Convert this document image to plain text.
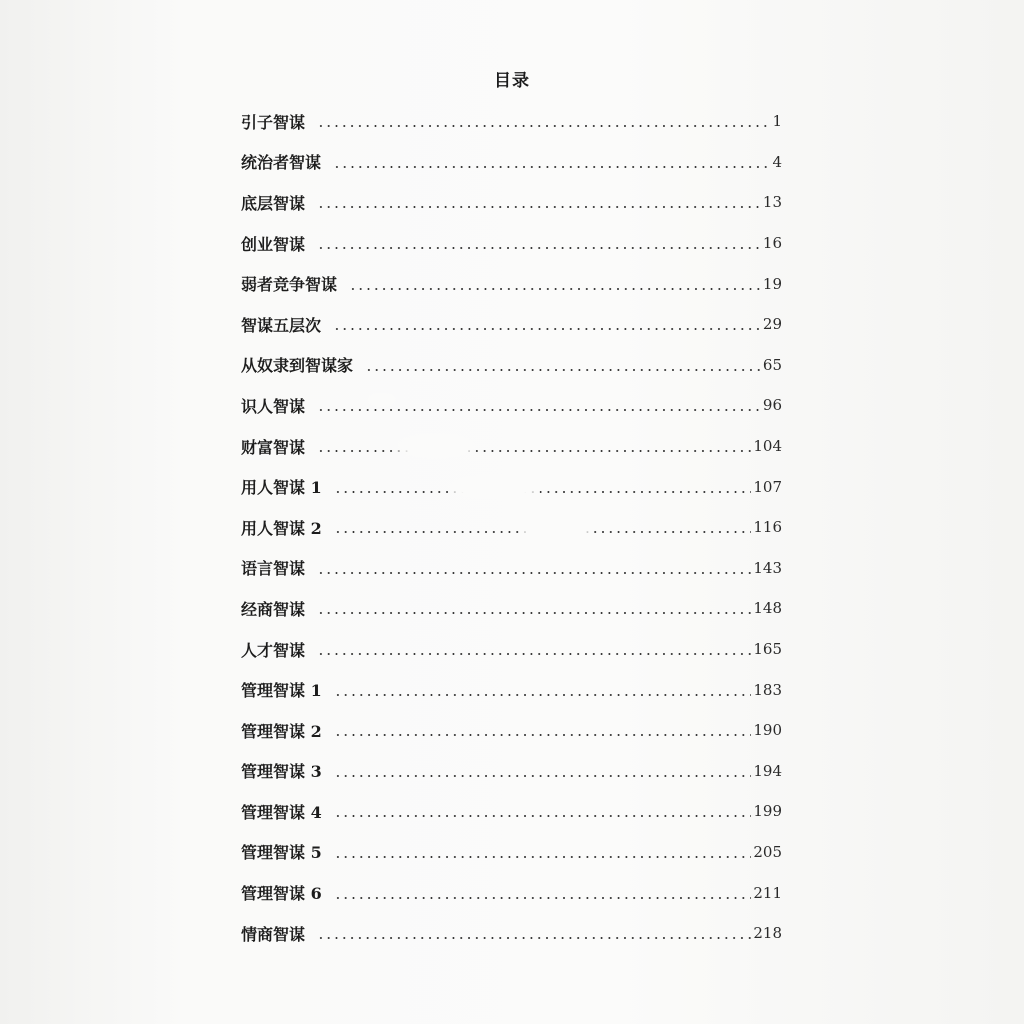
目录
引子智谋	1
统治者智谋	4
底层智谋	13
创业智谋	16
弱者竞争智谋	19
智谋五层次	29
从奴隶到智谋家	65
识人智谋	96
财富智谋	104
用人智谋 1	107
用人智谋 2	116
语言智谋	143
经商智谋	148
人才智谋	165
管理智谋 1	183
管理智谋 2	190
管理智谋 3	194
管理智谋 4	199
管理智谋 5	205
管理智谋 6	211
情商智谋	218
